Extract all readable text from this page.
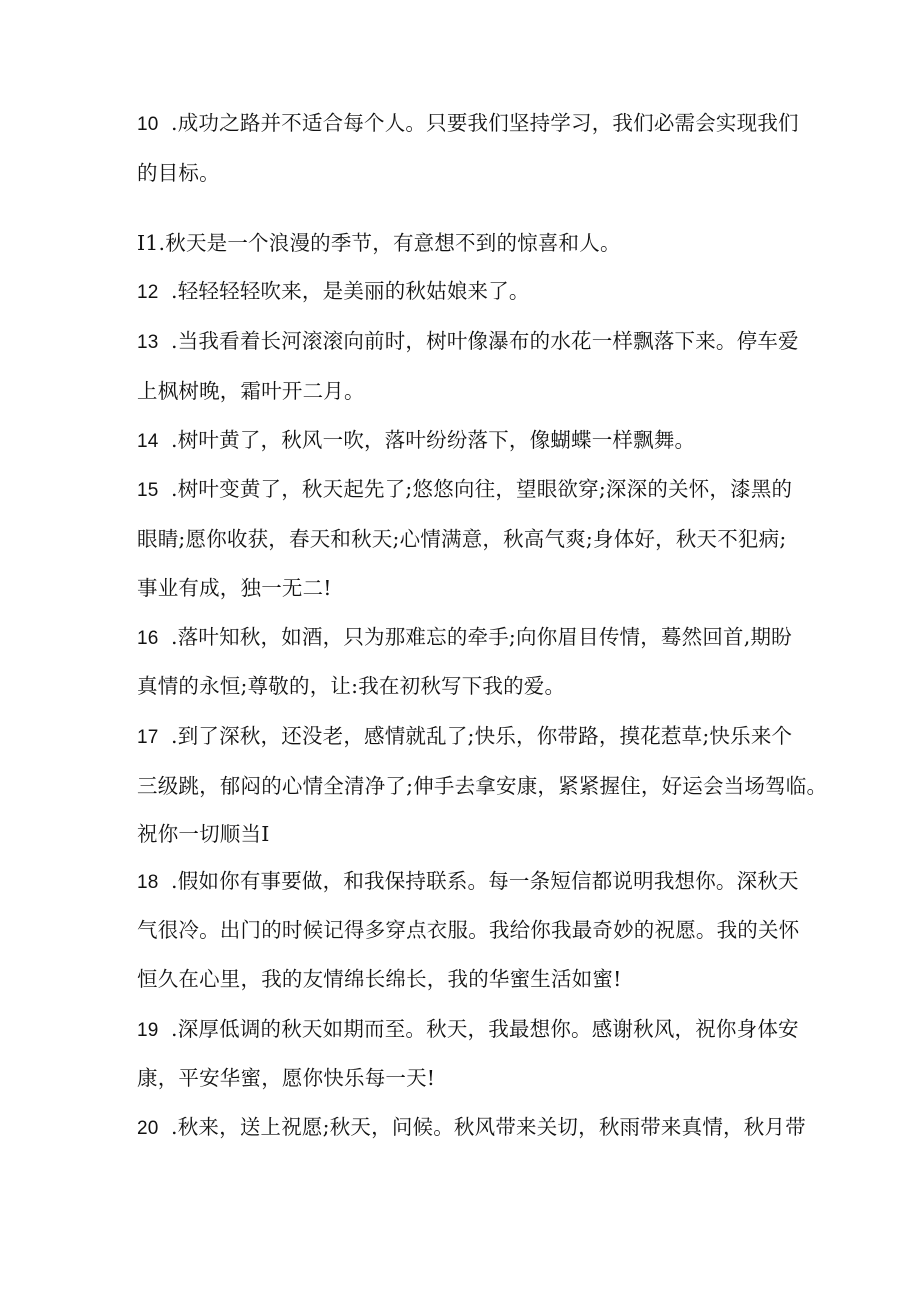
10 .成功之路并不适合每个人。只要我们坚持学习，我们必需会实现我们
的目标。
I1.秋天是一个浪漫的季节，有意想不到的惊喜和人。
12 .轻轻轻轻吹来，是美丽的秋姑娘来了。
13 .当我看着长河滚滚向前时，树叶像瀑布的水花一样飘落下来。停车爱
上枫树晚，霜叶开二月。
14 .树叶黄了，秋风一吹，落叶纷纷落下，像蝴蝶一样飘舞。
15 .树叶变黄了，秋天起先了;悠悠向往，望眼欲穿;深深的关怀，漆黑的
眼睛;愿你收获，春天和秋天;心情满意，秋高气爽;身体好，秋天不犯病;
事业有成，独一无二!
16 .落叶知秋，如酒，只为那难忘的牵手;向你眉目传情，蓦然回首,期盼
真情的永恒;尊敬的，让:我在初秋写下我的爱。
17 .到了深秋，还没老，感情就乱了;快乐，你带路，摸花惹草;快乐来个
三级跳，郁闷的心情全清净了;伸手去拿安康，紧紧握住，好运会当场驾临。
祝你一切顺当I
18 .假如你有事要做，和我保持联系。每一条短信都说明我想你。深秋天
气很冷。出门的时候记得多穿点衣服。我给你我最奇妙的祝愿。我的关怀
恒久在心里，我的友情绵长绵长，我的华蜜生活如蜜!
19 .深厚低调的秋天如期而至。秋天，我最想你。感谢秋风，祝你身体安
康，平安华蜜，愿你快乐每一天!
20 .秋来，送上祝愿;秋天，问候。秋风带来关切，秋雨带来真情，秋月带
